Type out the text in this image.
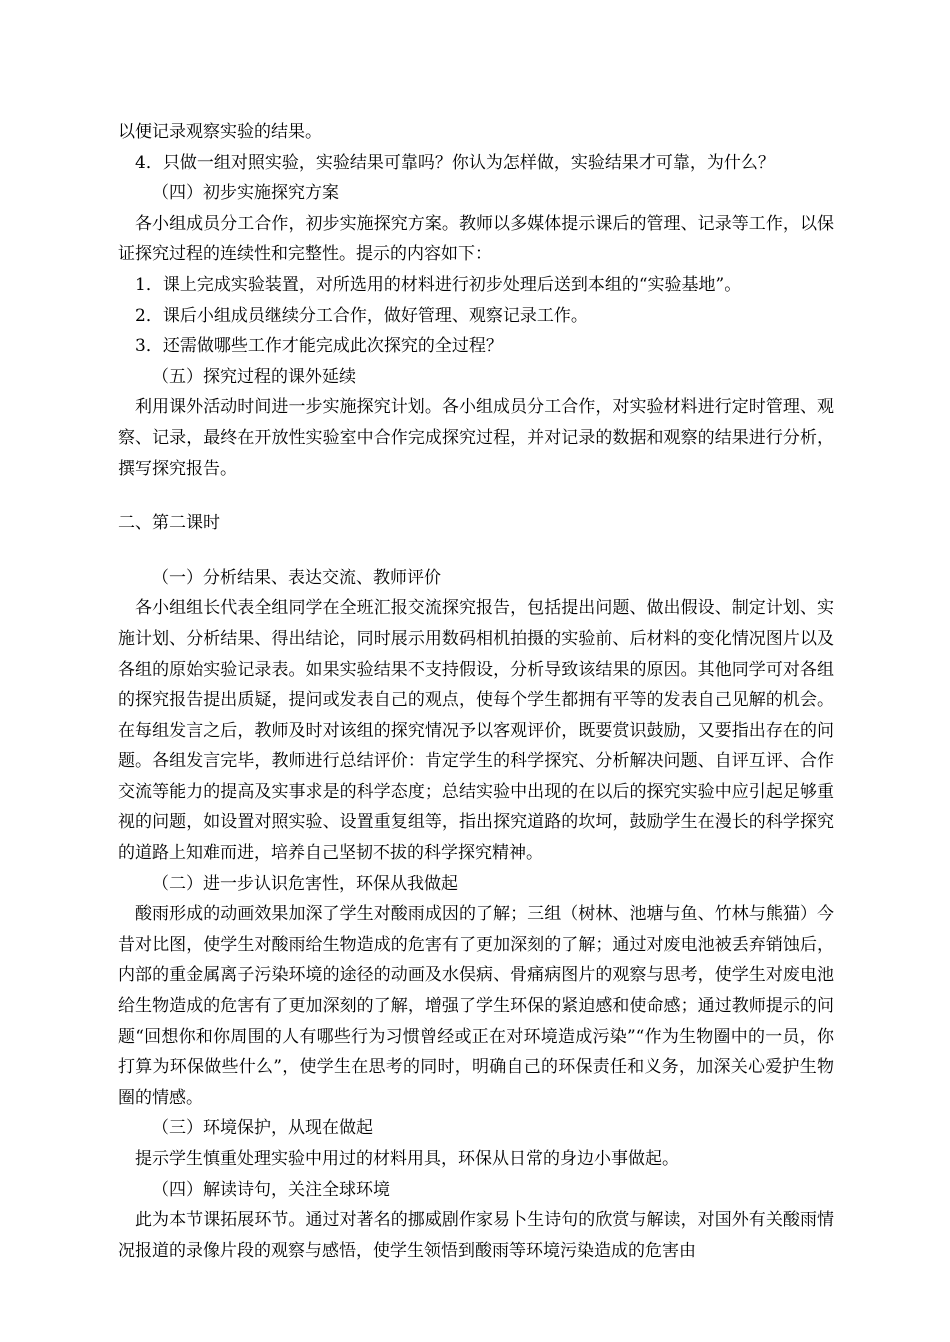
以便记录观察实验的结果。
4．只做一组对照实验，实验结果可靠吗？你认为怎样做，实验结果才可靠，为什么？
（四）初步实施探究方案

各小组成员分工合作，初步实施探究方案。教师以多媒体提示课后的管理、记录等工作，以保证探究过程的连续性和完整性。提示的内容如下：

1．课上完成实验装置，对所选用的材料进行初步处理后送到本组的“实验基地”。
2．课后小组成员继续分工合作，做好管理、观察记录工作。
3．还需做哪些工作才能完成此次探究的全过程？
（五）探究过程的课外延续

利用课外活动时间进一步实施探究计划。各小组成员分工合作，对实验材料进行定时管理、观察、记录，最终在开放性实验室中合作完成探究过程，并对记录的数据和观察的结果进行分析，撰写探究报告。

二、第二课时
（一）分析结果、表达交流、教师评价

各小组组长代表全组同学在全班汇报交流探究报告，包括提出问题、做出假设、制定计划、实施计划、分析结果、得出结论，同时展示用数码相机拍摄的实验前、后材料的变化情况图片以及各组的原始实验记录表。如果实验结果不支持假设，分析导致该结果的原因。其他同学可对各组的探究报告提出质疑，提问或发表自己的观点，使每个学生都拥有平等的发表自己见解的机会。在每组发言之后，教师及时对该组的探究情况予以客观评价，既要赏识鼓励，又要指出存在的问题。各组发言完毕，教师进行总结评价：肯定学生的科学探究、分析解决问题、自评互评、合作交流等能力的提高及实事求是的科学态度；总结实验中出现的在以后的探究实验中应引起足够重视的问题，如设置对照实验、设置重复组等，指出探究道路的坎坷，鼓励学生在漫长的科学探究的道路上知难而进，培养自己坚韧不拔的科学探究精神。

（二）进一步认识危害性，环保从我做起

酸雨形成的动画效果加深了学生对酸雨成因的了解；三组（树林、池塘与鱼、竹林与熊猫）今昔对比图，使学生对酸雨给生物造成的危害有了更加深刻的了解；通过对废电池被丢弃销蚀后，内部的重金属离子污染环境的途径的动画及水俣病、骨痛病图片的观察与思考，使学生对废电池给生物造成的危害有了更加深刻的了解，增强了学生环保的紧迫感和使命感；通过教师提示的问题“回想你和你周围的人有哪些行为习惯曾经或正在对环境造成污染”“作为生物圈中的一员，你打算为环保做些什么”，使学生在思考的同时，明确自己的环保责任和义务，加深关心爱护生物圈的情感。

（三）环境保护，从现在做起
提示学生慎重处理实验中用过的材料用具，环保从日常的身边小事做起。
（四）解读诗句，关注全球环境

此为本节课拓展环节。通过对著名的挪威剧作家易卜生诗句的欣赏与解读，对国外有关酸雨情况报道的录像片段的观察与感悟，使学生领悟到酸雨等环境污染造成的危害由
